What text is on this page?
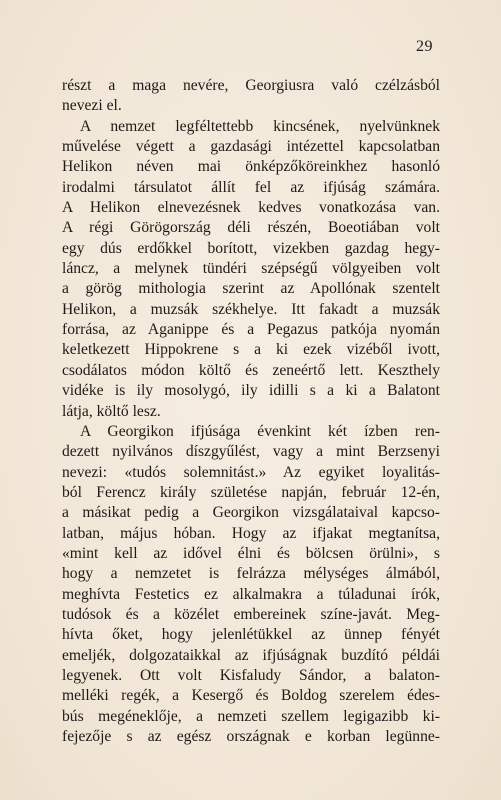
29
részt a maga nevére, Georgiusra való czélzásból
nevezi el.
A nemzet legféltettebb kincsének, nyelvünknek
művelése végett a gazdasági intézettel kapcsolatban
Helikon néven mai önképzőköreinkhez hasonló
irodalmi társulatot állít fel az ifjúság számára.
A Helikon elnevezésnek kedves vonatkozása van.
A régi Görögország déli részén, Boeotiában volt
egy dús erdőkkel borított, vizekben gazdag hegy-
láncz, a melynek tündéri szépségű völgyeiben volt
a görög mithologia szerint az Apollónak szentelt
Helikon, a muzsák székhelye. Itt fakadt a muzsák
forrása, az Aganippe és a Pegazus patkója nyomán
keletkezett Hippokrene s a ki ezek vizéből ivott,
csodálatos módon költő és zeneértő lett. Keszthely
vidéke is ily mosolygó, ily idilli s a ki a Balatont
látja, költő lesz.
A Georgikon ifjúsága évenkint két ízben ren-
dezett nyilvános díszgyűlést, vagy a mint Berzsenyi
nevezi: «tudós solemnitást.» Az egyiket loyalitás-
ból Ferencz király születése napján, február 12-én,
a másikat pedig a Georgikon vizsgálataival kapcso-
latban, május hóban. Hogy az ifjakat megtanítsa,
«mint kell az idővel élni és bölcsen örülni», s
hogy a nemzetet is felrázza mélységes álmából,
meghívta Festetics ez alkalmakra a túladunai írók,
tudósok és a közélet embereinek színe-javát. Meg-
hívta őket, hogy jelenlétükkel az ünnep fényét
emeljék, dolgozataikkal az ifjúságnak buzdító példái
legyenek. Ott volt Kisfaludy Sándor, a balaton-
melléki regék, a Kesergő és Boldog szerelem édes-
bús megéneklője, a nemzeti szellem legigazibb ki-
fejezője s az egész országnak e korban legünne-
